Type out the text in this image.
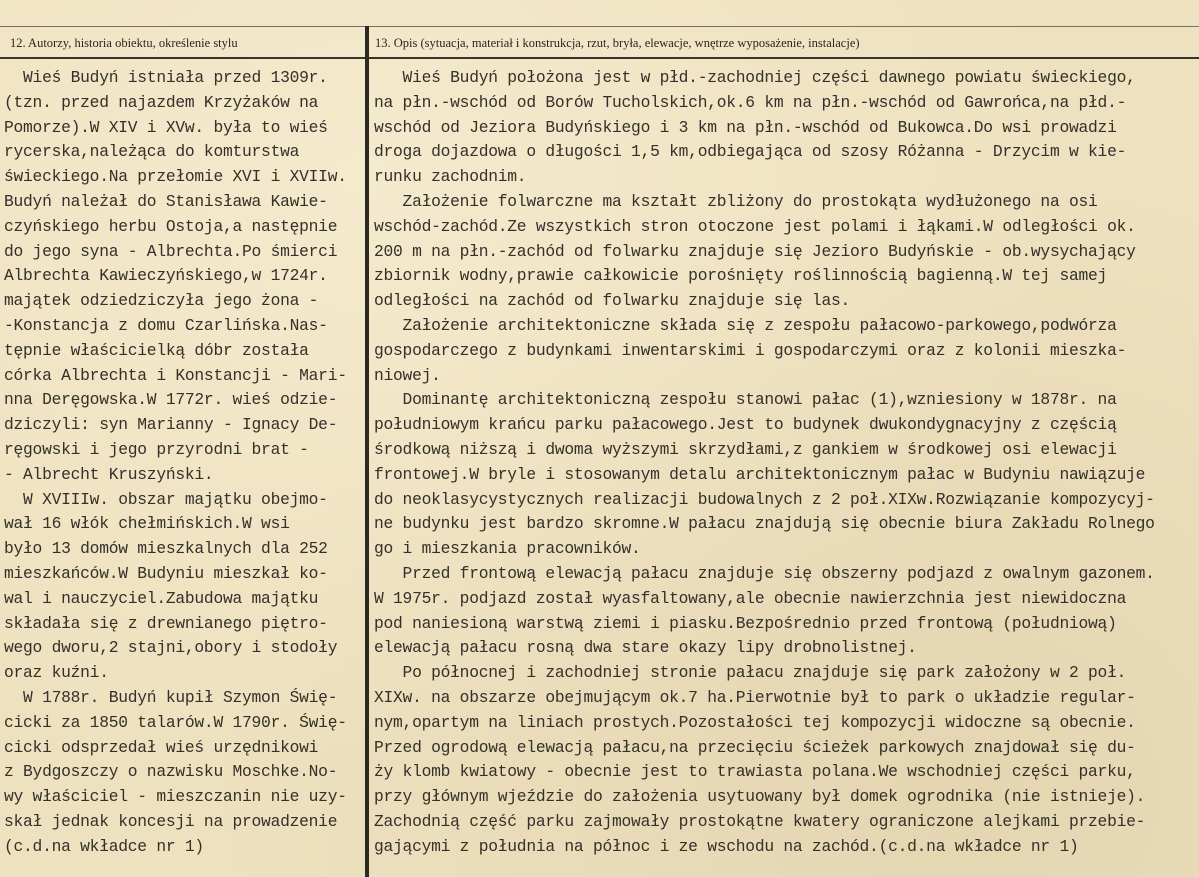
12. Autorzy, historia obiektu, określenie stylu	13. Opis (sytuacja, materiał i konstrukcja, rzut, bryła, elewacje, wnętrze wyposażenie, instalacje)
Wieś Budyń istniała przed 1309r.
(tzn. przed najazdem Krzyżaków na
Pomorze).W XIV i XVw. była to wieś
rycerska,należąca do komturstwa
świeckiego.Na przełomie XVI i XVIIw.
Budyń należał do Stanisława Kawie-
czyńskiego herbu Ostoja,a następnie
do jego syna - Albrechta.Po śmierci
Albrechta Kawieczyńskiego,w 1724r.
majątek odziedziczyła jego żona -
-Konstancja z domu Czarlińska.Nas-
tępnie właścicielką dóbr została
córka Albrechta i Konstancji - Mari-
nna Deręgowska.W 1772r. wieś odzie-
dziczyli: syn Marianny - Ignacy De-
ręgowski i jego przyrodni brat -
- Albrecht Kruszyński.
W XVIIIw. obszar majątku obejmo-
wał 16 włók chełmińskich.W wsi
było 13 domów mieszkalnych dla 252
mieszkańców.W Budyniu mieszkał ko-
wal i nauczyciel.Zabudowa majątku
składała się z drewnianego piętro-
wego dworu,2 stajni,obory i stodoły
oraz kuźni.
W 1788r. Budyń kupił Szymon Świę-
cicki za 1850 talarów.W 1790r. Świę-
cicki odsprzedał wieś urzędnikowi
z Bydgoszczy o nazwisku Moschke.No-
wy właściciel - mieszczanin nie uzy-
skał jednak koncesji na prowadzenie
(c.d.na wkładce nr 1)
Wieś Budyń położona jest w płd.-zachodniej części dawnego powiatu świeckiego,
na płn.-wschód od Borów Tucholskich,ok.6 km na płn.-wschód od Gawrońca,na płd.-
wschód od Jeziora Budyńskiego i 3 km na płn.-wschód od Bukowca.Do wsi prowadzi
droga dojazdowa o długości 1,5 km,odbiegająca od szosy Różanna - Drzycim w kie-
runku zachodnim.
Założenie folwarczne ma kształt zbliżony do prostokąta wydłużonego na osi
wschód-zachód.Ze wszystkich stron otoczone jest polami i łąkami.W odległości ok.
200 m na płn.-zachód od folwarku znajduje się Jezioro Budyńskie - ob.wysychający
zbiornik wodny,prawie całkowicie porośnięty roślinnością bagienną.W tej samej
odległości na zachód od folwarku znajduje się las.
Założenie architektoniczne składa się z zespołu pałacowo-parkowego,podwórza
gospodarczego z budynkami inwentarskimi i gospodarczymi oraz z kolonii mieszka-
niowej.
Dominantę architektoniczną zespołu stanowi pałac (1),wzniesiony w 1878r. na
południowym krańcu parku pałacowego.Jest to budynek dwukondygnacyjny z częścią
środkową niższą i dwoma wyższymi skrzydłami,z gankiem w środkowej osi elewacji
frontowej.W bryle i stosowanym detalu architektonicznym pałac w Budyniu nawiązuje
do neoklasycystycznych realizacji budowalnych z 2 poł.XIXw.Rozwiązanie kompozycyj-
ne budynku jest bardzo skromne.W pałacu znajdują się obecnie biura Zakładu Rolnego
go i mieszkania pracowników.
Przed frontową elewacją pałacu znajduje się obszerny podjazd z owalnym gazonem.
W 1975r. podjazd został wyasfaltowany,ale obecnie nawierzchnia jest niewidoczna
pod naniesioną warstwą ziemi i piasku.Bezpośrednio przed frontową (południową)
elewacją pałacu rosną dwa stare okazy lipy drobnolistnej.
Po północnej i zachodniej stronie pałacu znajduje się park założony w 2 poł.
XIXw. na obszarze obejmującym ok.7 ha.Pierwotnie był to park o układzie regular-
nym,opartym na liniach prostych.Pozostałości tej kompozycji widoczne są obecnie.
Przed ogrodową elewacją pałacu,na przecięciu ścieżek parkowych znajdował się du-
ży klomb kwiatowy - obecnie jest to trawiasta polana.We wschodniej części parku,
przy głównym wjeździe do założenia usytuowany był domek ogrodnika (nie istnieje).
Zachodnią część parku zajmowały prostokątne kwatery ograniczone alejkami przebie-
gającymi z południa na północ i ze wschodu na zachód.(c.d.na wkładce nr 1)
